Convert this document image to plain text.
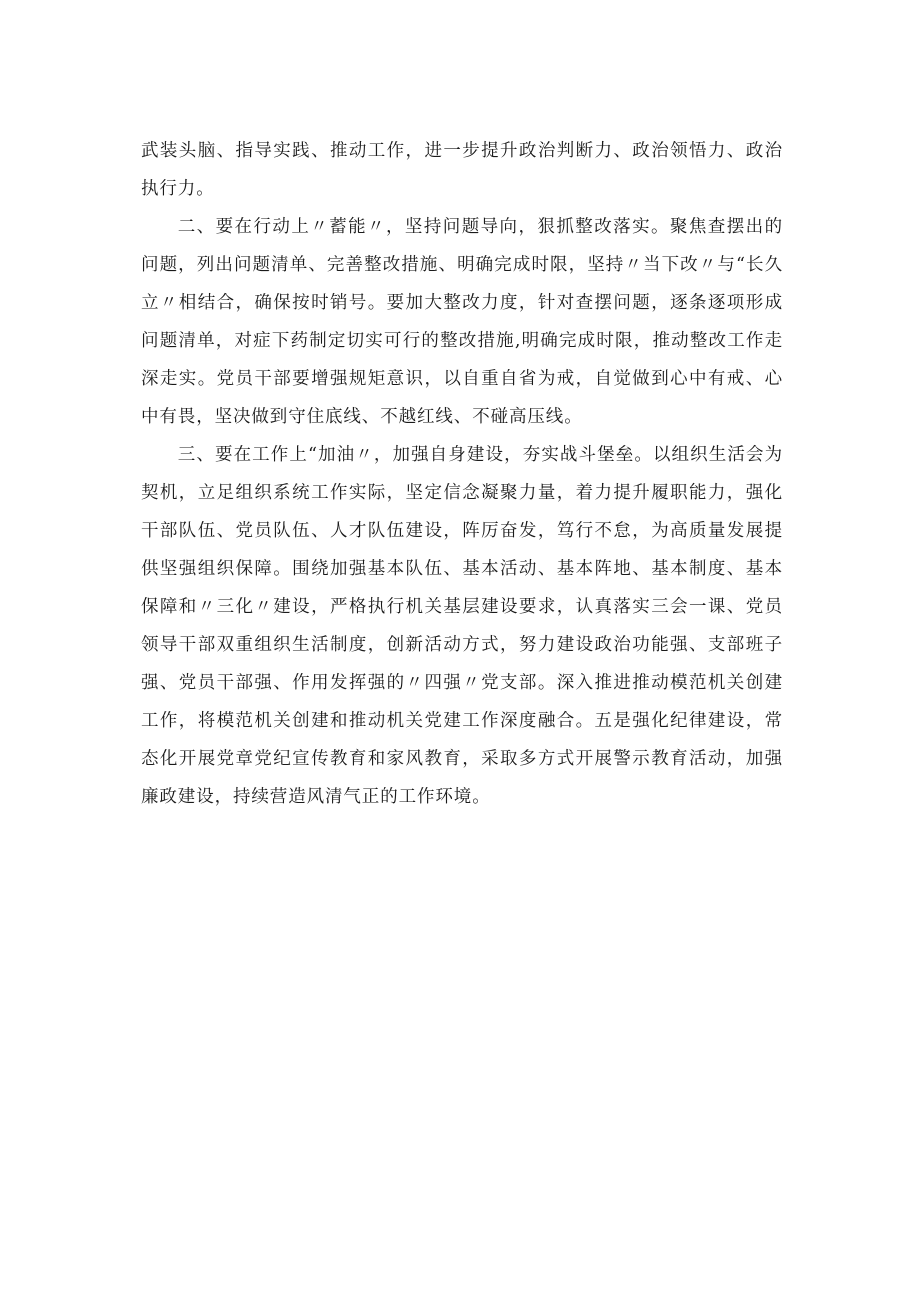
武装头脑、指导实践、推动工作，进一步提升政治判断力、政治领悟力、政治执行力。

二、要在行动上〃蓄能〃，坚持问题导向，狠抓整改落实。聚焦查摆出的问题，列出问题清单、完善整改措施、明确完成时限，坚持〃当下改〃与“长久立〃相结合，确保按时销号。要加大整改力度，针对查摆问题，逐条逐项形成问题清单，对症下药制定切实可行的整改措施,明确完成时限，推动整改工作走深走实。党员干部要增强规矩意识，以自重自省为戒，自觉做到心中有戒、心中有畏，坚决做到守住底线、不越红线、不碰高压线。

三、要在工作上“加油〃，加强自身建设，夯实战斗堡垒。以组织生活会为契机，立足组织系统工作实际，坚定信念凝聚力量，着力提升履职能力，强化干部队伍、党员队伍、人才队伍建设，阵厉奋发，笃行不怠，为高质量发展提供坚强组织保障。围绕加强基本队伍、基本活动、基本阵地、基本制度、基本保障和〃三化〃建设，严格执行机关基层建设要求，认真落实三会一课、党员领导干部双重组织生活制度，创新活动方式，努力建设政治功能强、支部班子强、党员干部强、作用发挥强的〃四强〃党支部。深入推进推动模范机关创建工作，将模范机关创建和推动机关党建工作深度融合。五是强化纪律建设，常态化开展党章党纪宣传教育和家风教育，采取多方式开展警示教育活动，加强廉政建设，持续营造风清气正的工作环境。
